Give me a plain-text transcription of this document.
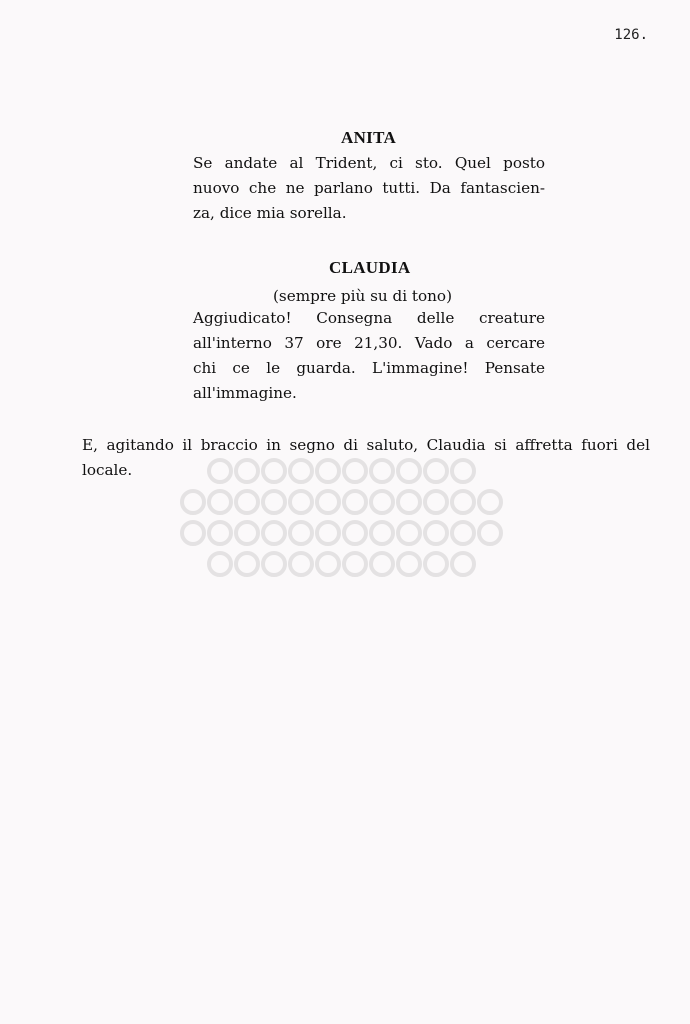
126.
ANITA
Se andate al Trident, ci sto. Quel posto
nuovo che ne parlano tutti. Da fantascien-
za, dice mia sorella.
CLAUDIA
(sempre più su di tono)
Aggiudicato! Consegna delle creature
all'interno 37 ore 21,30. Vado a cercare
chi ce le guarda. L'immagine! Pensate
all'immagine.
E, agitando il braccio in segno di saluto, Claudia si affretta fuori del
locale.
